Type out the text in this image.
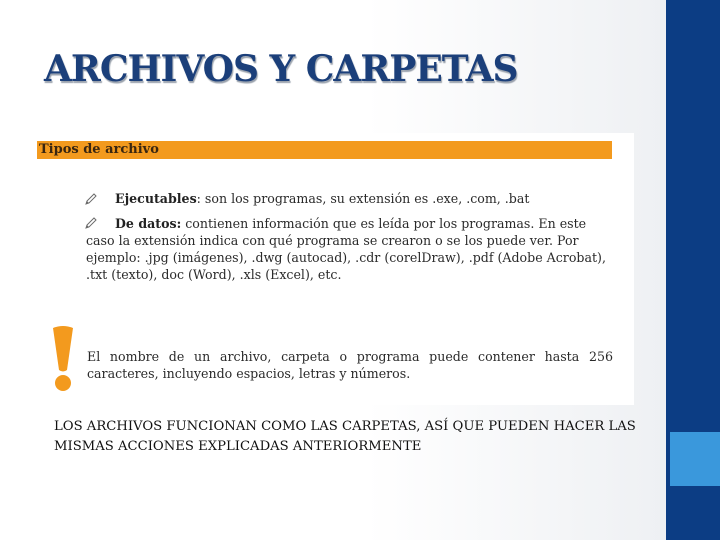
ARCHIVOS Y CARPETAS
Tipos de archivo
Ejecutables: son los programas, su extensión es .exe, .com, .bat
De datos: contienen información que es leída por los programas. En este caso la extensión indica con qué programa se crearon o se los puede ver. Por ejemplo: .jpg (imágenes), .dwg (autocad), .cdr (corelDraw), .pdf (Adobe Acrobat), .txt (texto), doc (Word), .xls (Excel), etc.
El nombre de un archivo, carpeta o programa puede contener hasta 256 caracteres, incluyendo espacios, letras y números.

LOS ARCHIVOS FUNCIONAN COMO LAS CARPETAS, ASÍ QUE PUEDEN HACER LAS MISMAS ACCIONES EXPLICADAS ANTERIORMENTE
